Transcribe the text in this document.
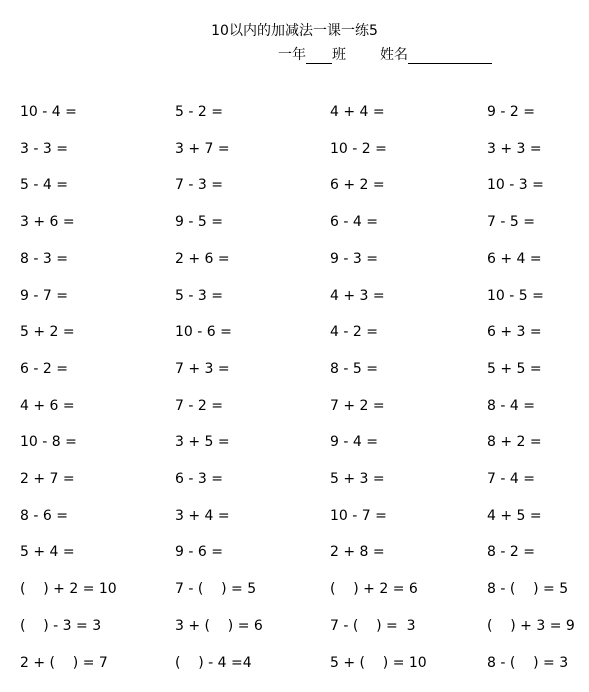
10以内的加减法一课一练5
一年 班 姓名
10 - 4 =	5 - 2 =	4 + 4 =	9 - 2 =
3 - 3 =	3 + 7 =	10 - 2 =	3 + 3 =
5 - 4 =	7 - 3 =	6 + 2 =	10 - 3 =
3 + 6 =	9 - 5 =	6 - 4 =	7 - 5 =
8 - 3 =	2 + 6 =	9 - 3 =	6 + 4 =
9 - 7 =	5 - 3 =	4 + 3 =	10 - 5 =
5 + 2 =	10 - 6 =	4 - 2 =	6 + 3 =
6 - 2 =	7 + 3 =	8 - 5 =	5 + 5 =
4 + 6 =	7 - 2 =	7 + 2 =	8 - 4 =
10 - 8 =	3 + 5 =	9 - 4 =	8 + 2 =
2 + 7 =	6 - 3 =	5 + 3 =	7 - 4 =
8 - 6 =	3 + 4 =	10 - 7 =	4 + 5 =
5 + 4 =	9 - 6 =	2 + 8 =	8 - 2 =
(    ) + 2 = 10	7 - (    ) = 5	(    ) + 2 = 6	8 - (    ) = 5
(    ) - 3 = 3	3 + (    ) = 6	7 - (    ) =  3	(    ) + 3 = 9
2 + (    ) = 7	(    ) - 4 =4	5 + (    ) = 10	8 - (    ) = 3
